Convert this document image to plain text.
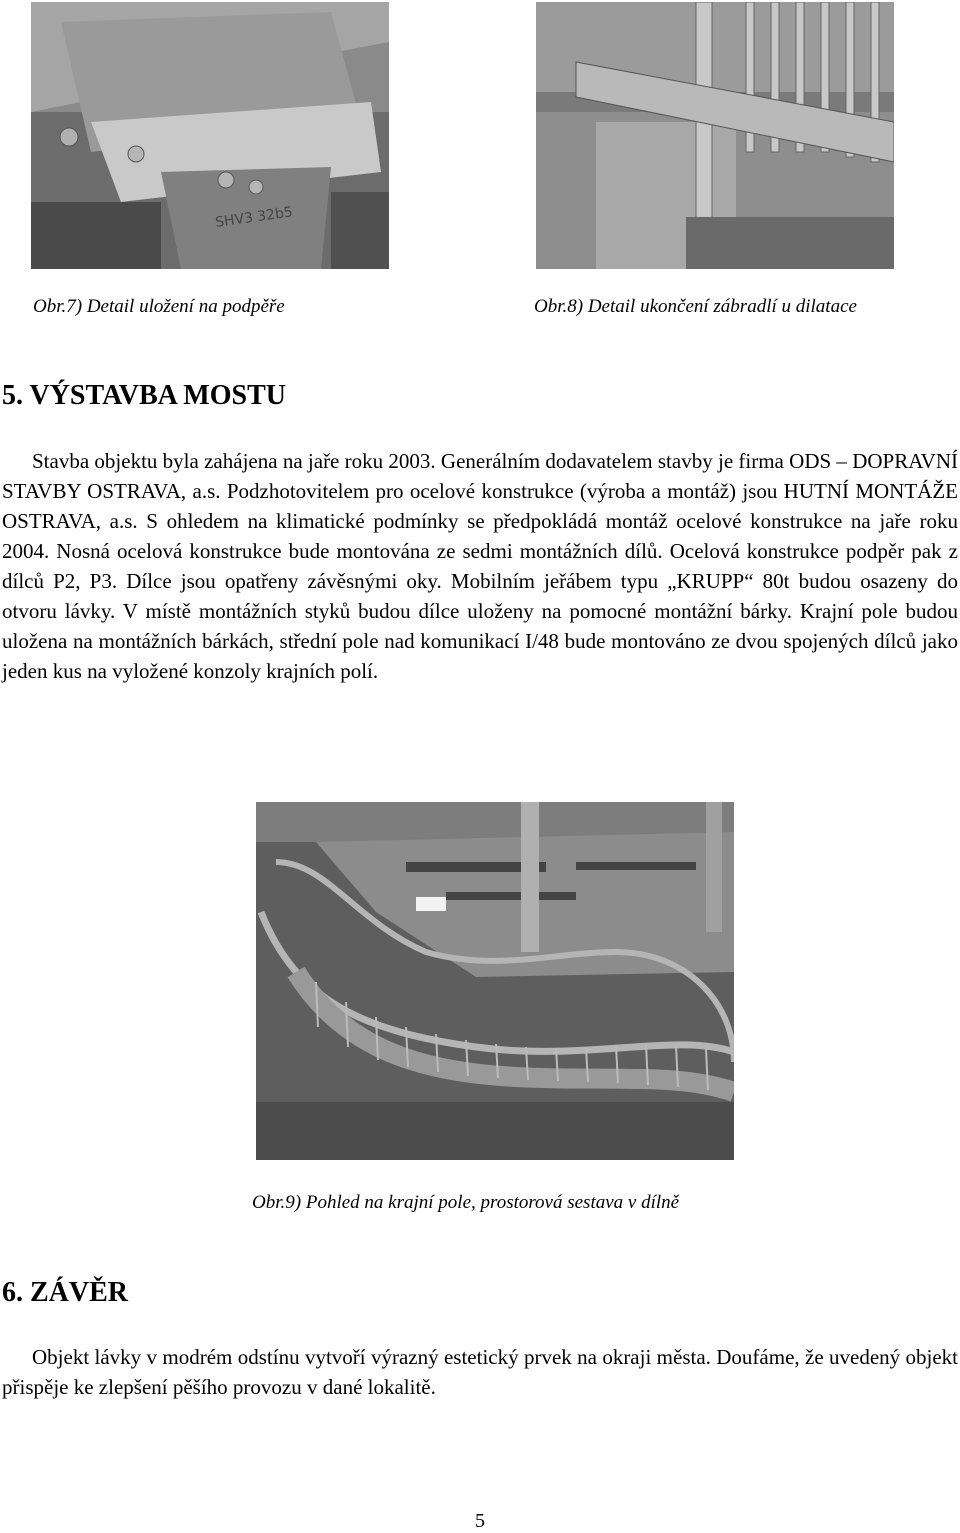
SHV3 32b5
Obr.7) Detail uložení na podpěře	Obr.8) Detail ukončení zábradlí u dilatace
5. VÝSTAVBA MOSTU
Stavba objektu byla zahájena na jaře roku 2003. Generálním dodavatelem stavby je firma ODS – DOPRAVNÍ STAVBY OSTRAVA, a.s. Podzhotovitelem pro ocelové konstrukce (výroba a montáž) jsou HUTNÍ MONTÁŽE OSTRAVA, a.s. S ohledem na klimatické podmínky se předpokládá montáž ocelové konstrukce na jaře roku 2004. Nosná ocelová konstrukce bude montována ze sedmi montážních dílů. Ocelová konstrukce podpěr pak z dílců P2, P3. Dílce jsou opatřeny závěsnými oky. Mobilním jeřábem typu „KRUPP“ 80t budou osazeny do otvoru lávky. V místě montážních styků budou dílce uloženy na pomocné montážní bárky. Krajní pole budou uložena na montážních bárkách, střední pole nad komunikací I/48 bude montováno ze dvou spojených dílců jako jeden kus na vyložené konzoly krajních polí.
Obr.9) Pohled na krajní pole, prostorová sestava v dílně
6. ZÁVĚR
Objekt lávky v modrém odstínu vytvoří výrazný estetický prvek na okraji města. Doufáme, že uvedený objekt přispěje ke zlepšení pěšího provozu v dané lokalitě.
5
